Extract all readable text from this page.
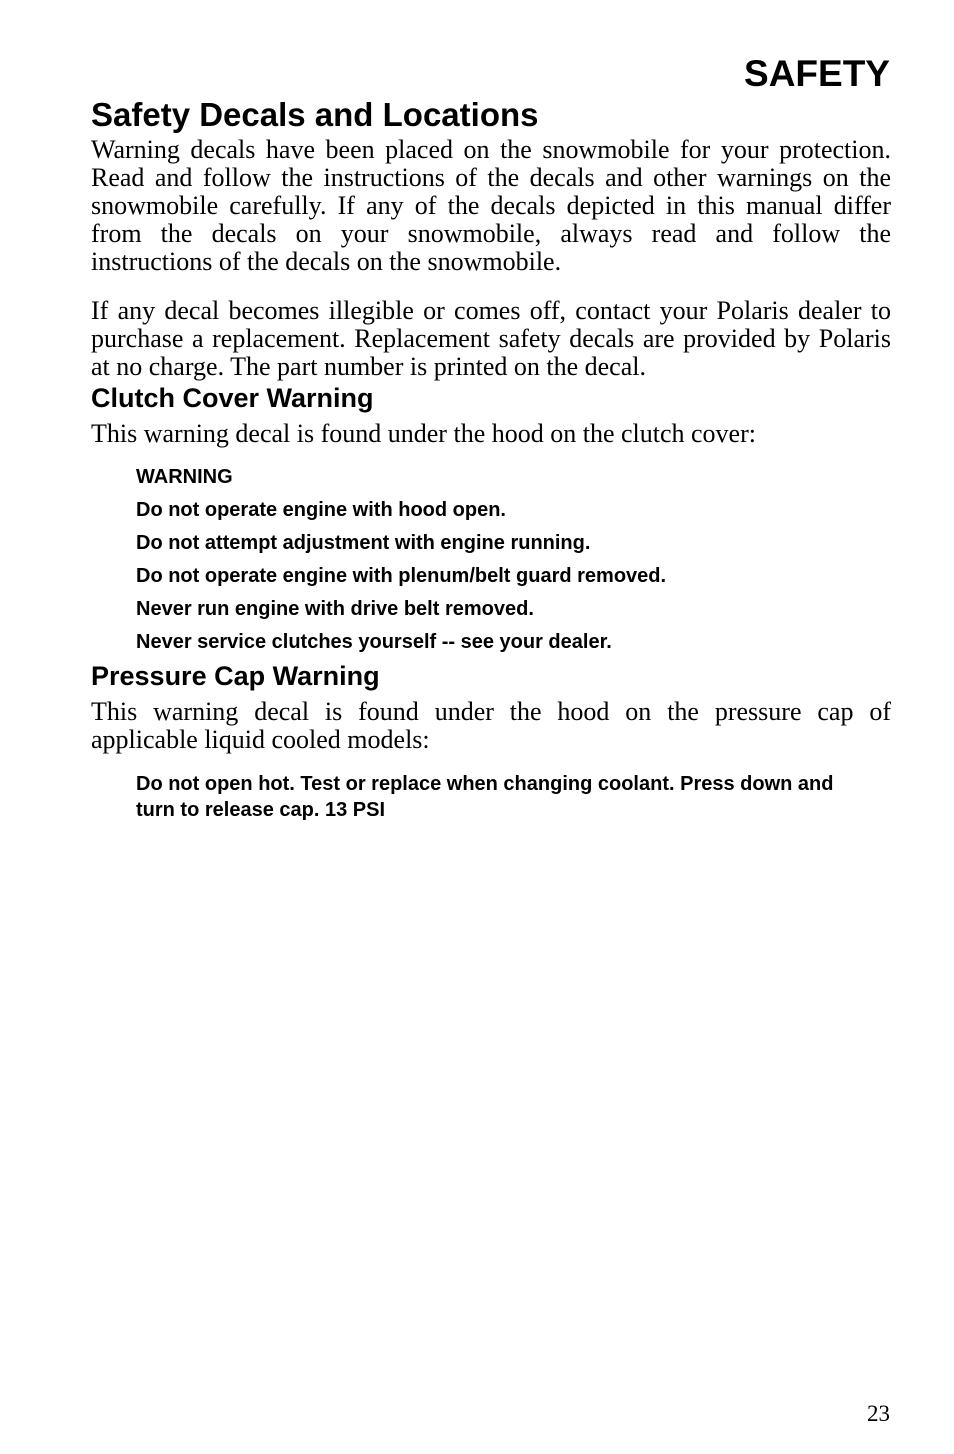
SAFETY
Safety Decals and Locations

Warning decals have been placed on the snowmobile for your protection. Read and follow the instructions of the decals and other warnings on the snowmobile carefully. If any of the decals depicted in this manual differ from the decals on your snowmobile, always read and follow the instructions of the decals on the snowmobile.

If any decal becomes illegible or comes off, contact your Polaris dealer to purchase a replacement. Replacement safety decals are provided by Polaris at no charge. The part number is printed on the decal.

Clutch Cover Warning

This warning decal is found under the hood on the clutch cover:

WARNING
Do not operate engine with hood open.
Do not attempt adjustment with engine running.
Do not operate engine with plenum/belt guard removed.
Never run engine with drive belt removed.
Never service clutches yourself -- see your dealer.
Pressure Cap Warning

This warning decal is found under the hood on the pressure cap of applicable liquid cooled models:

Do not open hot. Test or replace when changing coolant. Press down and turn to release cap. 13 PSI
23
